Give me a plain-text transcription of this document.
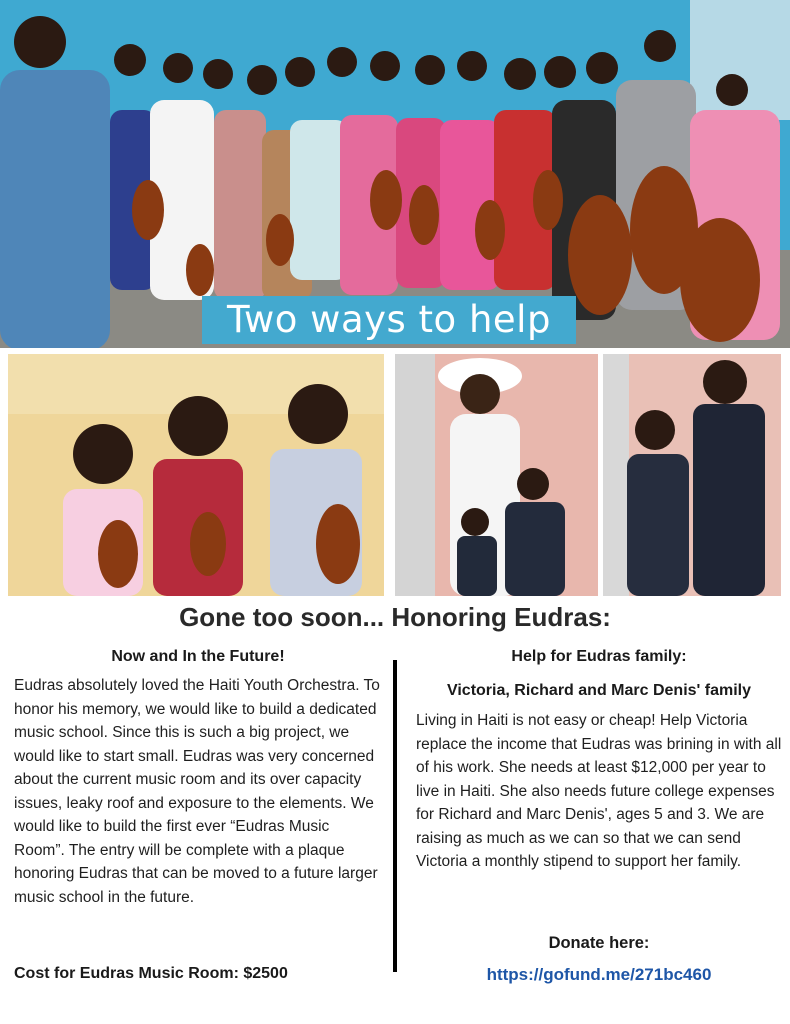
Two ways to help
Gone too soon... Honoring Eudras:

Now and In the Future!

Eudras absolutely loved the Haiti Youth Orchestra. To honor his memory, we would like to build a dedicated music school. Since this is such a big project, we would like to start small. Eudras was very concerned about the current music room and its over capacity issues, leaky roof and exposure to the elements. We would like to build the first ever “Eudras Music Room”. The entry will be complete with a plaque honoring Eudras that can be moved to a future larger music school in the future.

Cost for Eudras Music Room: $2500

Help for Eudras family:

Victoria, Richard and Marc Denis' family

Living in Haiti is not easy or cheap! Help Victoria replace the income that Eudras was brining in with all of his work. She needs at least $12,000 per year to live in Haiti. She also needs future college expenses for Richard and Marc Denis', ages 5 and 3. We are raising as much as we can so that we can send Victoria a monthly stipend to support her family.

Donate here:

https://gofund.me/271bc460
